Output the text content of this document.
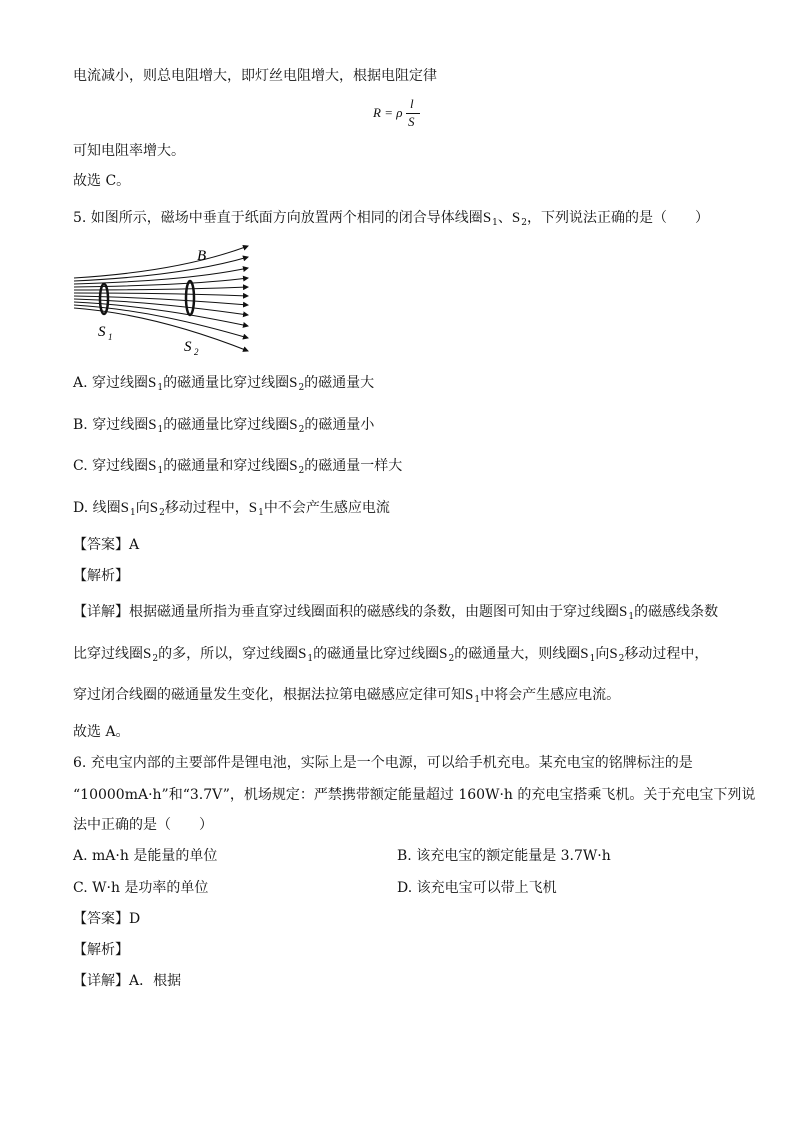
电流减小，则总电阻增大，即灯丝电阻增大，根据电阻定律
R = ρ
l
S
可知电阻率增大。
故选 C。
5. 如图所示，磁场中垂直于纸面方向放置两个相同的闭合导体线圈$S_1$、$S_2$，下列说法正确的是（　　）
B
S 1
S 2
A. 穿过线圈$S_1$的磁通量比穿过线圈$S_2$的磁通量大
B. 穿过线圈$S_1$的磁通量比穿过线圈$S_2$的磁通量小
C. 穿过线圈$S_1$的磁通量和穿过线圈$S_2$的磁通量一样大
D. 线圈$S_1$向$S_2$移动过程中，$S_1$中不会产生感应电流
【答案】A
【解析】
【详解】根据磁通量所指为垂直穿过线圈面积的磁感线的条数，由题图可知由于穿过线圈$S_1$的磁感线条数
比穿过线圈$S_2$的多，所以，穿过线圈$S_1$的磁通量比穿过线圈$S_2$的磁通量大，则线圈$S_1$向$S_2$移动过程中，
穿过闭合线圈的磁通量发生变化，根据法拉第电磁感应定律可知$S_1$中将会产生感应电流。
故选 A。
6. 充电宝内部的主要部件是锂电池，实际上是一个电源，可以给手机充电。某充电宝的铭牌标注的是
“10000mA·h”和“3.7V”，机场规定：严禁携带额定能量超过 160W·h 的充电宝搭乘飞机。关于充电宝下列说
法中正确的是（　　）
A. mA·h 是能量的单位	B. 该充电宝的额定能量是 3.7W·h
C. W·h 是功率的单位	D. 该充电宝可以带上飞机
【答案】D
【解析】
【详解】A．根据
